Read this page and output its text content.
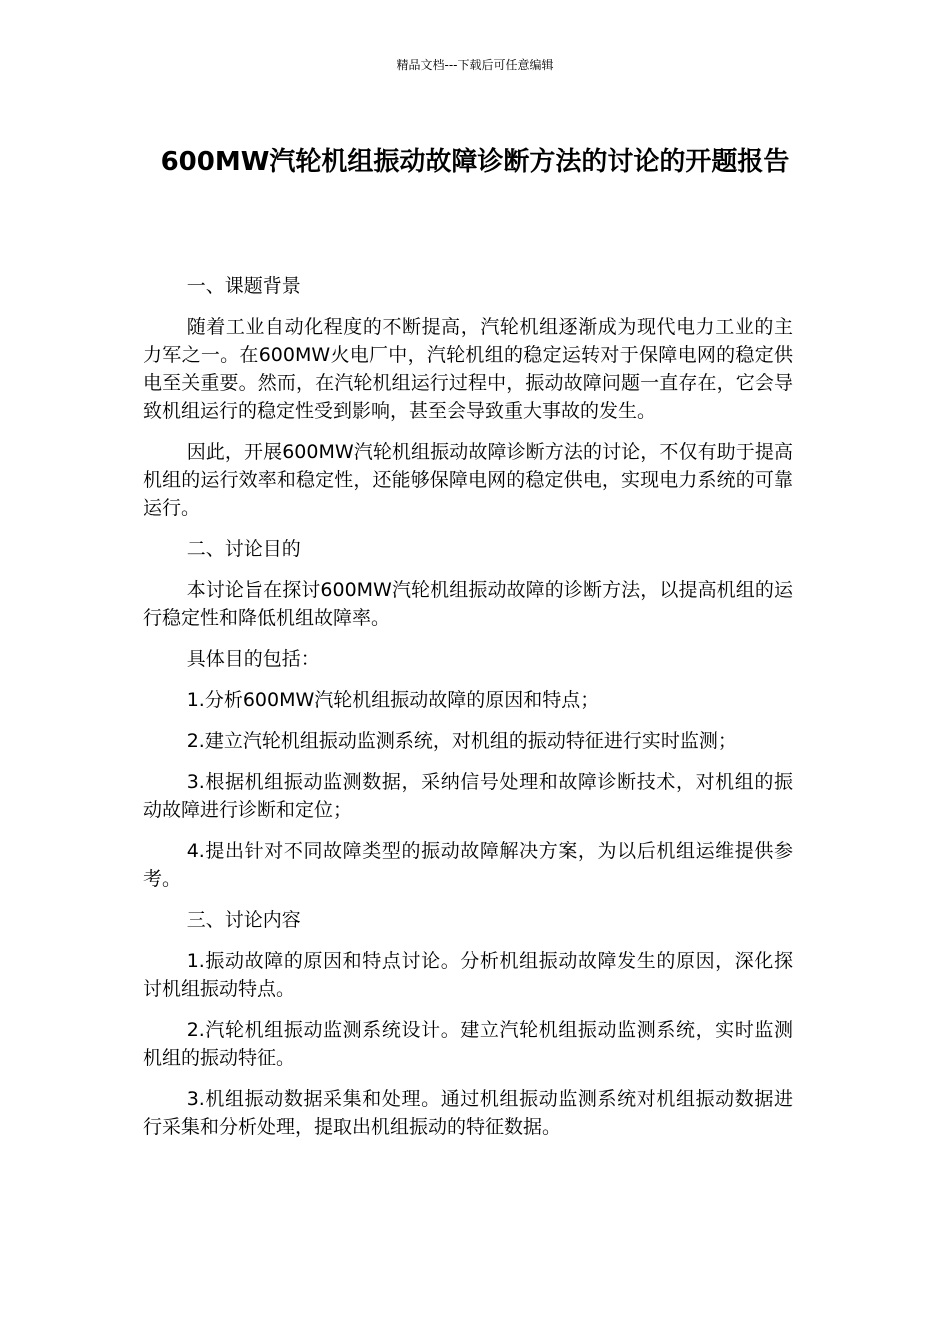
精品文档---下载后可任意编辑
600MW汽轮机组振动故障诊断方法的讨论的开题报告

一、课题背景

随着工业自动化程度的不断提高，汽轮机组逐渐成为现代电力工业的主力军之一。在600MW火电厂中，汽轮机组的稳定运转对于保障电网的稳定供电至关重要。然而，在汽轮机组运行过程中，振动故障问题一直存在，它会导致机组运行的稳定性受到影响，甚至会导致重大事故的发生。

因此，开展600MW汽轮机组振动故障诊断方法的讨论，不仅有助于提高机组的运行效率和稳定性，还能够保障电网的稳定供电，实现电力系统的可靠运行。

二、讨论目的

本讨论旨在探讨600MW汽轮机组振动故障的诊断方法，以提高机组的运行稳定性和降低机组故障率。

具体目的包括：

1.分析600MW汽轮机组振动故障的原因和特点；

2.建立汽轮机组振动监测系统，对机组的振动特征进行实时监测；

3.根据机组振动监测数据，采纳信号处理和故障诊断技术，对机组的振动故障进行诊断和定位；

4.提出针对不同故障类型的振动故障解决方案，为以后机组运维提供参考。

三、讨论内容

1.振动故障的原因和特点讨论。分析机组振动故障发生的原因，深化探讨机组振动特点。

2.汽轮机组振动监测系统设计。建立汽轮机组振动监测系统，实时监测机组的振动特征。

3.机组振动数据采集和处理。通过机组振动监测系统对机组振动数据进行采集和分析处理，提取出机组振动的特征数据。
